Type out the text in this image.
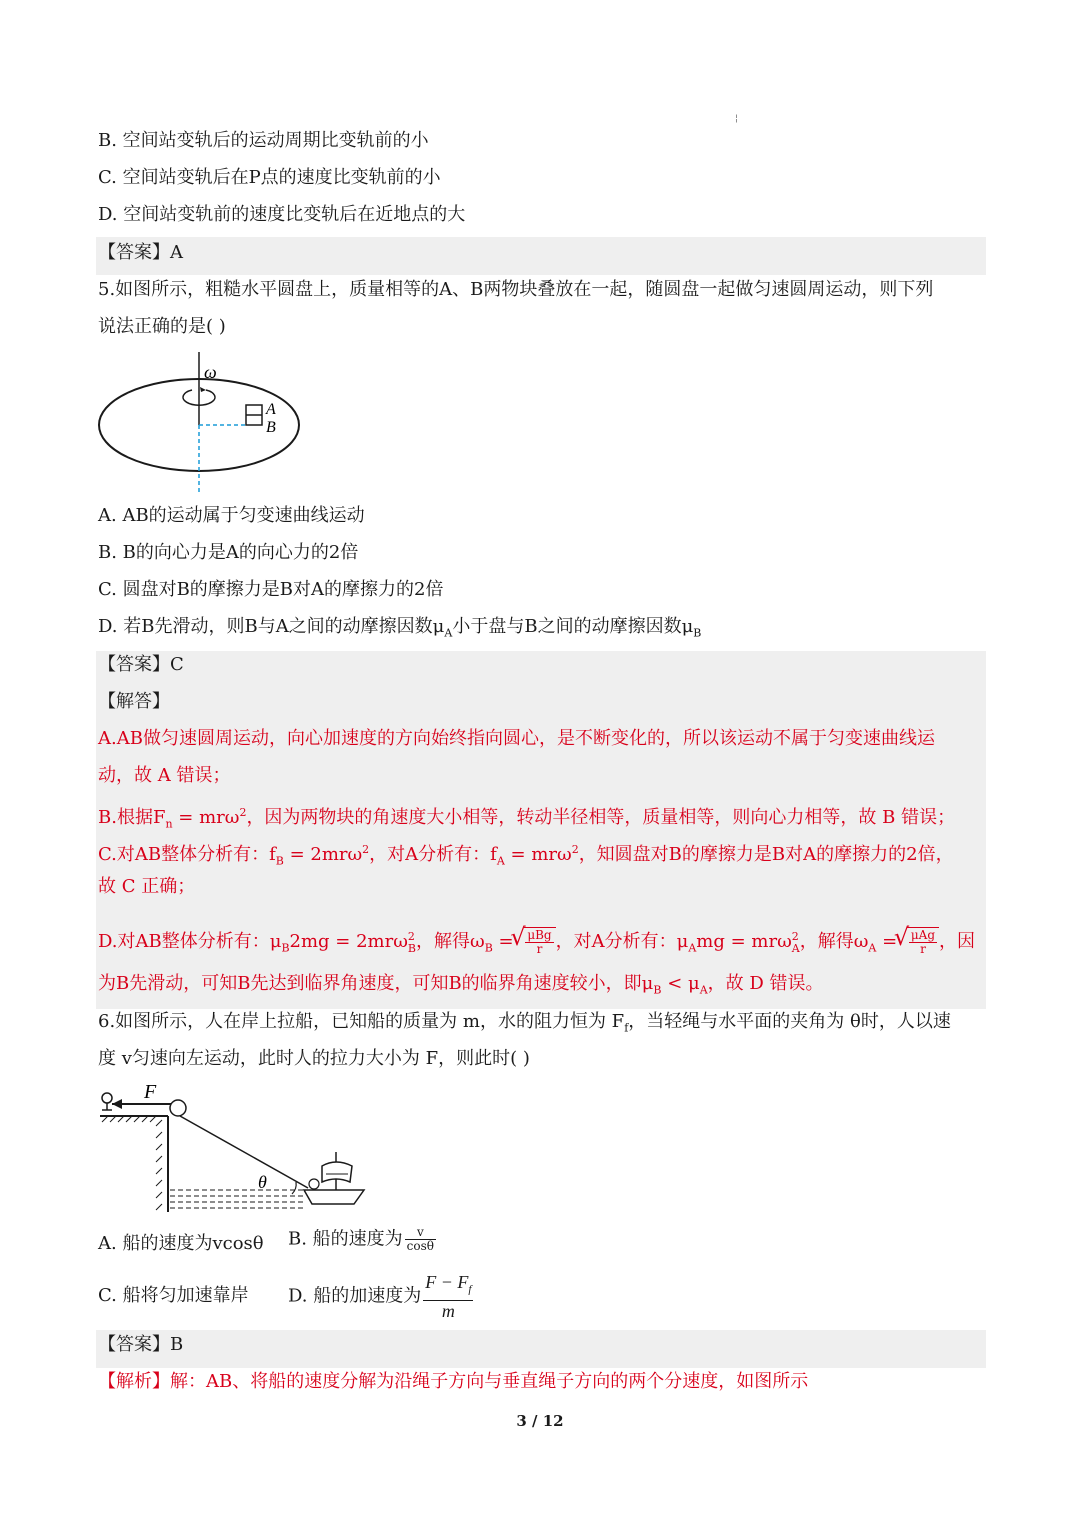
¦
B. 空间站变轨后的运动周期比变轨前的小
C. 空间站变轨后在P点的速度比变轨前的小
D. 空间站变轨前的速度比变轨后在近地点的大
【答案】A
5.如图所示，粗糙水平圆盘上，质量相等的A、B两物块叠放在一起，随圆盘一起做匀速圆周运动，则下列
说法正确的是( )
ω
A
B
A. AB的运动属于匀变速曲线运动
B. B的向心力是A的向心力的2倍
C. 圆盘对B的摩擦力是B对A的摩擦力的2倍
D. 若B先滑动，则B与A之间的动摩擦因数$\mu_A$小于盘与B之间的动摩擦因数$\mu_B$
【答案】C
【解答】
A.AB做匀速圆周运动，向心加速度的方向始终指向圆心，是不断变化的，所以该运动不属于匀变速曲线运
动，故 A 错误；
B.根据$F_n = mr\omega^2$，因为两物块的角速度大小相等，转动半径相等，质量相等，则向心力相等，故 B 错误；
C.对AB整体分析有：$f_B = 2mr\omega^2$，对A分析有：$f_A = mr\omega^2$，知圆盘对B的摩擦力是B对A的摩擦力的2倍，
故 C 正确；
D.对AB整体分析有：$\mu_B2mg = 2mr\omega^2_B$，解得$\omega_B$ = √ $\frac{\text{μBg}}{r}$ ，对A分析有：$\mu_Amg = mr\omega^2_A$，解得$\omega_A$ = √ $\frac{\text{μAg}}{r}$ ，因
为B先滑动，可知B先达到临界角速度，可知B的临界角速度较小，即$\mu_B < \mu_A$，故 D 错误。
6.如图所示，人在岸上拉船，已知船的质量为 m，水的阻力恒为 $F_f$，当轻绳与水平面的夹角为 θ时，人以速
度 v匀速向左运动，此时人的拉力大小为 F，则此时( )
θ
F
A. 船的速度为vcosθ B. 船的速度为 $\frac{v}{\cos\theta}$
C. 船将匀加速靠岸 D. 船的加速度为 $\frac{F - F_f}{m}$
【答案】B
【解析】解：AB、将船的速度分解为沿绳子方向与垂直绳子方向的两个分速度，如图所示
3 / 12
